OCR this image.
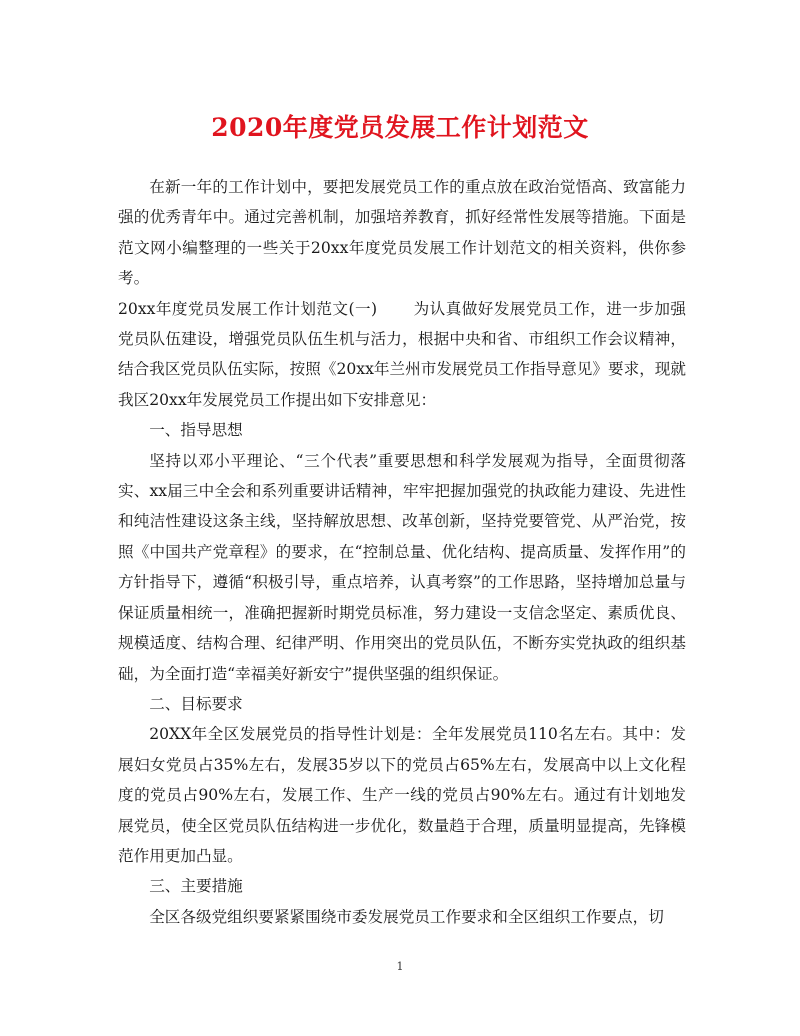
2020年度党员发展工作计划范文

在新一年的工作计划中，要把发展党员工作的重点放在政治觉悟高、致富能力强的优秀青年中。通过完善机制，加强培养教育，抓好经常性发展等措施。下面是范文网小编整理的一些关于20xx年度党员发展工作计划范文的相关资料，供你参考。

20xx年度党员发展工作计划范文(一) 为认真做好发展党员工作，进一步加强党员队伍建设，增强党员队伍生机与活力，根据中央和省、市组织工作会议精神，结合我区党员队伍实际，按照《20xx年兰州市发展党员工作指导意见》要求，现就我区20xx年发展党员工作提出如下安排意见：

一、指导思想

坚持以邓小平理论、“三个代表”重要思想和科学发展观为指导，全面贯彻落实、xx届三中全会和系列重要讲话精神，牢牢把握加强党的执政能力建设、先进性和纯洁性建设这条主线，坚持解放思想、改革创新，坚持党要管党、从严治党，按照《中国共产党章程》的要求，在“控制总量、优化结构、提高质量、发挥作用”的方针指导下，遵循“积极引导，重点培养，认真考察”的工作思路，坚持增加总量与保证质量相统一，准确把握新时期党员标准，努力建设一支信念坚定、素质优良、规模适度、结构合理、纪律严明、作用突出的党员队伍，不断夯实党执政的组织基础，为全面打造“幸福美好新安宁”提供坚强的组织保证。

二、目标要求

20XX年全区发展党员的指导性计划是：全年发展党员110名左右。其中：发展妇女党员占35%左右，发展35岁以下的党员占65%左右，发展高中以上文化程度的党员占90%左右，发展工作、生产一线的党员占90%左右。通过有计划地发展党员，使全区党员队伍结构进一步优化，数量趋于合理，质量明显提高，先锋模范作用更加凸显。

三、主要措施

全区各级党组织要紧紧围绕市委发展党员工作要求和全区组织工作要点，切

1
